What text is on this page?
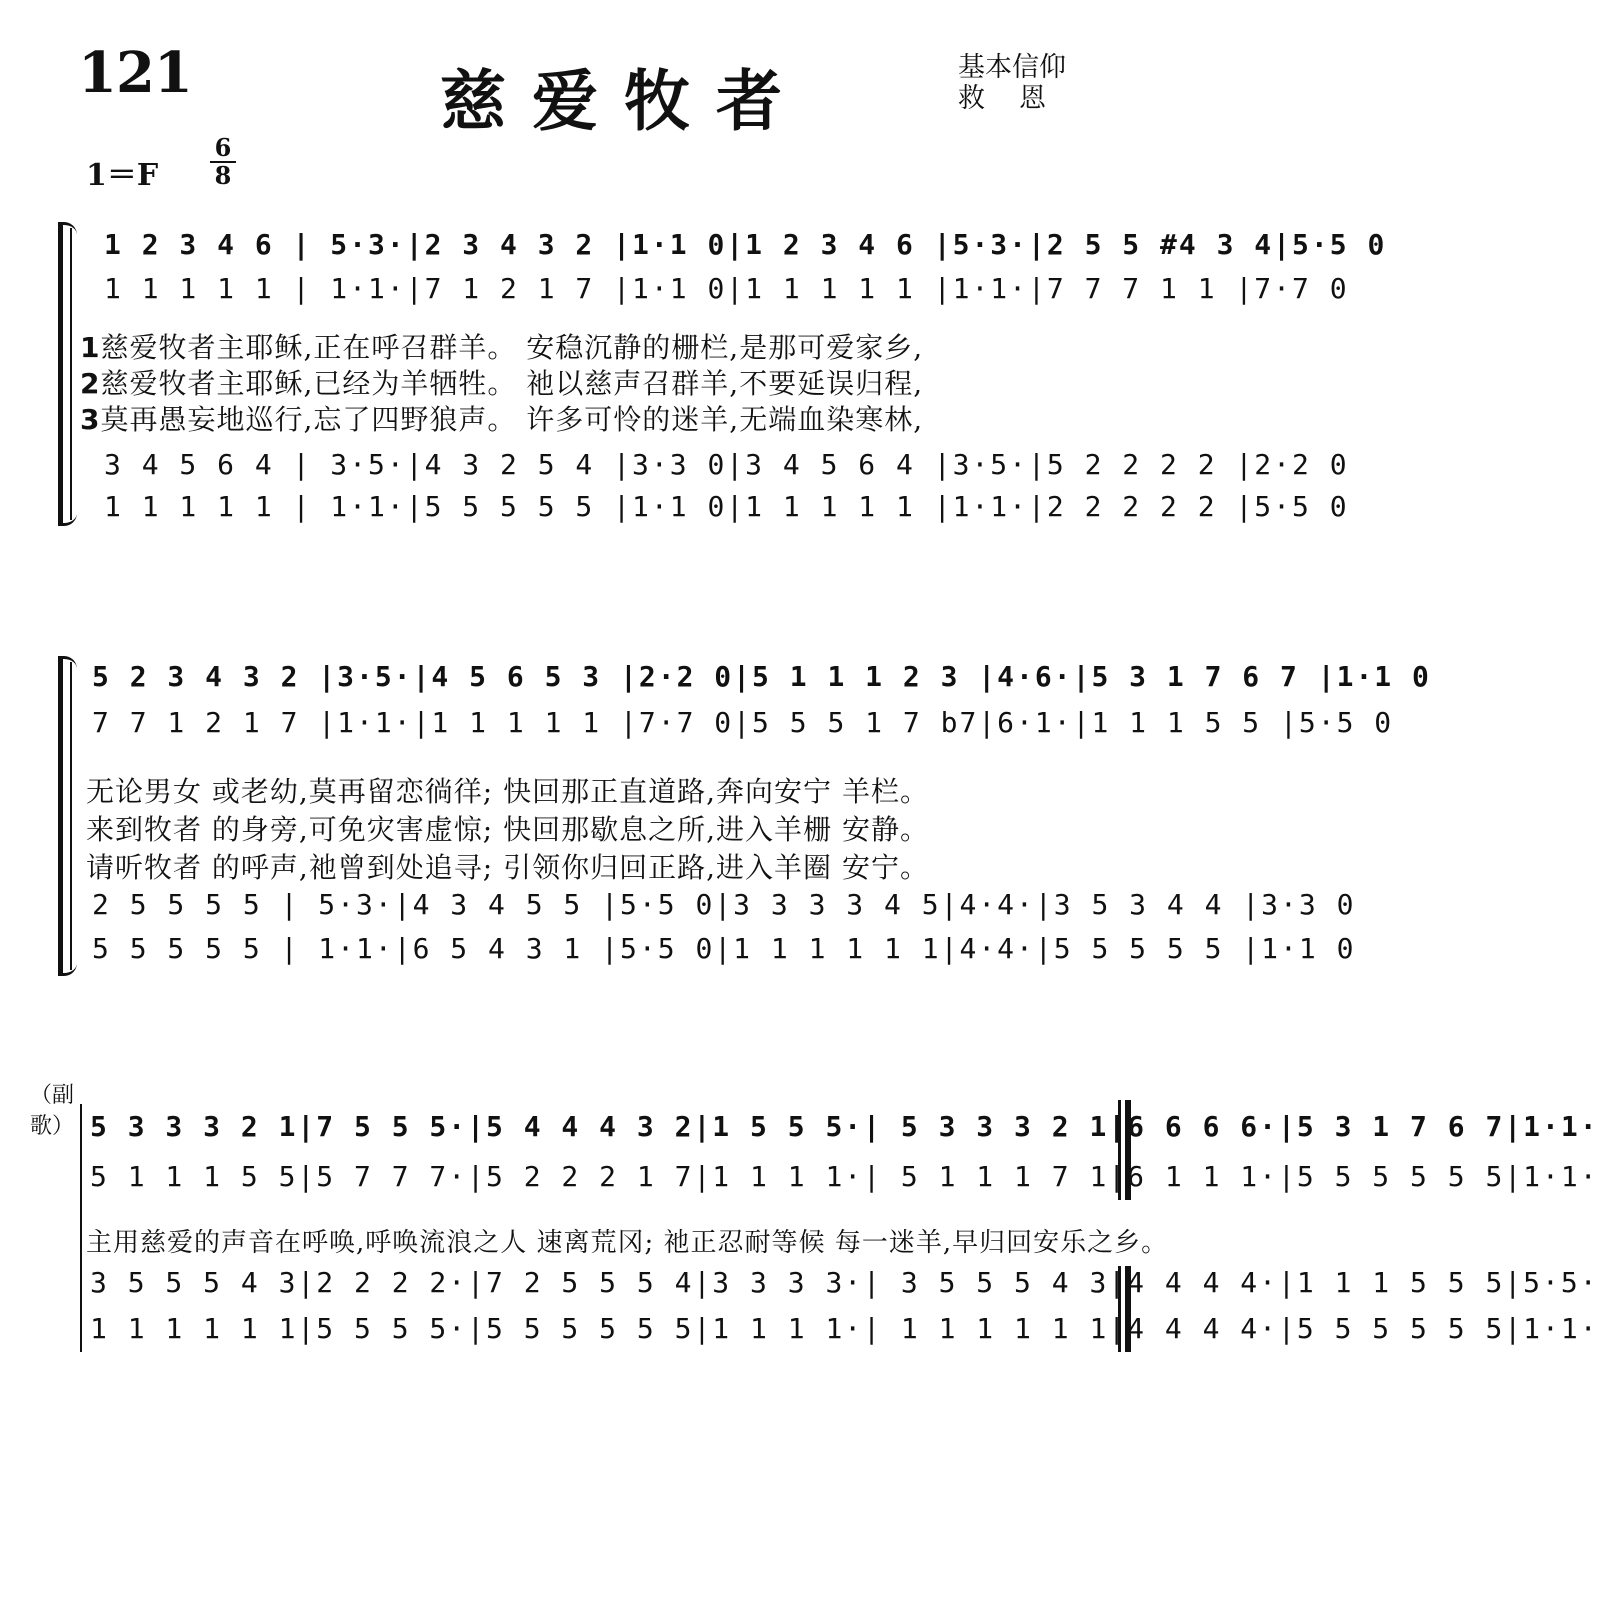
121	慈爱牧者	基本信仰
救恩
1＝F
6
8
1 2 3 4 6 | 5·3·|2 3 4 3 2 |1·1 0|1 2 3 4 6 |5·3·|2 5 5 #4 3 4|5·5 0
1 1 1 1 1 | 1·1·|7 1 2 1 7 |1·1 0|1 1 1 1 1 |1·1·|7 7 7 1 1 |7·7 0
1慈爱牧者主耶稣,正在呼召群羊。 安稳沉静的栅栏,是那可爱家乡,
2慈爱牧者主耶稣,已经为羊牺牲。 祂以慈声召群羊,不要延误归程,
3莫再愚妄地巡行,忘了四野狼声。 许多可怜的迷羊,无端血染寒林,
3 4 5 6 4 | 3·5·|4 3 2 5 4 |3·3 0|3 4 5 6 4 |3·5·|5 2 2 2 2 |2·2 0
1 1 1 1 1 | 1·1·|5 5 5 5 5 |1·1 0|1 1 1 1 1 |1·1·|2 2 2 2 2 |5·5 0
5 2 3 4 3 2 |3·5·|4 5 6 5 3 |2·2 0|5 1 1 1 2 3 |4·6·|5 3 1 7 6 7 |1·1 0
7 7 1 2 1 7 |1·1·|1 1 1 1 1 |7·7 0|5 5 5 1 7 b7|6·1·|1 1 1 5 5 |5·5 0
无论男女 或老幼,莫再留恋徜徉; 快回那正直道路,奔向安宁 羊栏。
来到牧者 的身旁,可免灾害虚惊; 快回那歇息之所,进入羊栅 安静。
请听牧者 的呼声,祂曾到处追寻; 引领你归回正路,进入羊圈 安宁。
2 5 5 5 5 | 5·3·|4 3 4 5 5 |5·5 0|3 3 3 3 4 5|4·4·|3 5 3 4 4 |3·3 0
5 5 5 5 5 | 1·1·|6 5 4 3 1 |5·5 0|1 1 1 1 1 1|4·4·|5 5 5 5 5 |1·1 0
（副歌） 5 3 3 3 2 1|7 5 5 5·|5 4 4 4 3 2|1 5 5 5·| 5 3 3 3 2 1|6 6 6 6·|5 3 1 7 6 7|1·1·
5 1 1 1 5 5|5 7 7 7·|5 2 2 2 1 7|1 1 1 1·| 5 1 1 1 7 1|6 1 1 1·|5 5 5 5 5 5|1·1·
主用慈爱的声音在呼唤,呼唤流浪之人 速离荒冈; 祂正忍耐等候 每一迷羊,早归回安乐之乡。
3 5 5 5 4 3|2 2 2 2·|7 2 5 5 5 4|3 3 3 3·| 3 5 5 5 4 3|4 4 4 4·|1 1 1 5 5 5|5·5·
1 1 1 1 1 1|5 5 5 5·|5 5 5 5 5 5|1 1 1 1·| 1 1 1 1 1 1|4 4 4 4·|5 5 5 5 5 5|1·1·
